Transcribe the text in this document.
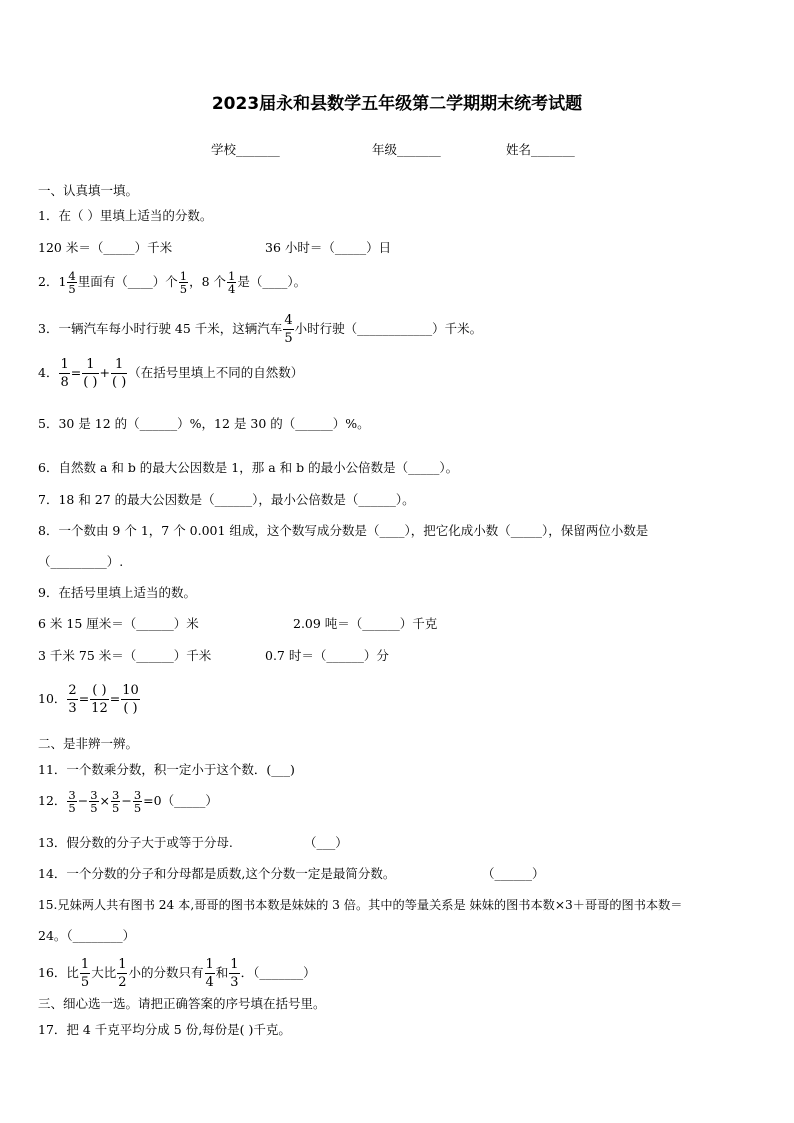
2023届永和县数学五年级第二学期期末统考试题
学校_______	年级_______	姓名_______
一、认真填一填。
1．在（ ）里填上适当的分数。
120 米＝（_____）千米	36 小时＝（_____）日
2．$1 \frac{4}{5}$ 里面有（____）个 $\frac{1}{5}$ ，8 个 $\frac{1}{4}$ 是（____）。
3．一辆汽车每小时行驶 45 千米，这辆汽车 $\frac{4}{5}$ 小时行驶（____________）千米。
4． $\frac{1}{8} = \frac{1}{( )} + \frac{1}{( )}$ （在括号里填上不同的自然数）
5．30 是 12 的（______）%，12 是 30 的（______）%。
6．自然数 a 和 b 的最大公因数是 1，那 a 和 b 的最小公倍数是（_____）。
7．18 和 27 的最大公因数是（______），最小公倍数是（______）。
8．一个数由 9 个 1，7 个 0.001 组成，这个数写成分数是（____），把它化成小数（_____），保留两位小数是
（_________）.
9．在括号里填上适当的数。
6 米 15 厘米＝（______）米	2.09 吨＝（______）千克
3 千米 75 米＝（______）千米	0.7 时＝（______）分
10． $\frac{2}{3} = \frac{( )}{12} = \frac{10}{( )}$
二、是非辨一辨。
11．一个数乘分数，积一定小于这个数．(___)
12． $\frac{3}{5} - \frac{3}{5} \times \frac{3}{5} - \frac{3}{5}$ =0（_____）
13．假分数的分子大于或等于分母.	（___）
14．一个分数的分子和分母都是质数,这个分数一定是最简分数。	（______）
15.兄妹两人共有图书 24 本,哥哥的图书本数是妹妹的 3 倍。其中的等量关系是 妹妹的图书本数×3＋哥哥的图书本数＝
24。（________）
16．比 $\frac{1}{5}$ 大比 $\frac{1}{2}$ 小的分数只有 $\frac{1}{4}$ 和 $\frac{1}{3}$ ．（_______）
三、细心选一选。请把正确答案的序号填在括号里。
17．把 4 千克平均分成 5 份,每份是( )千克。
